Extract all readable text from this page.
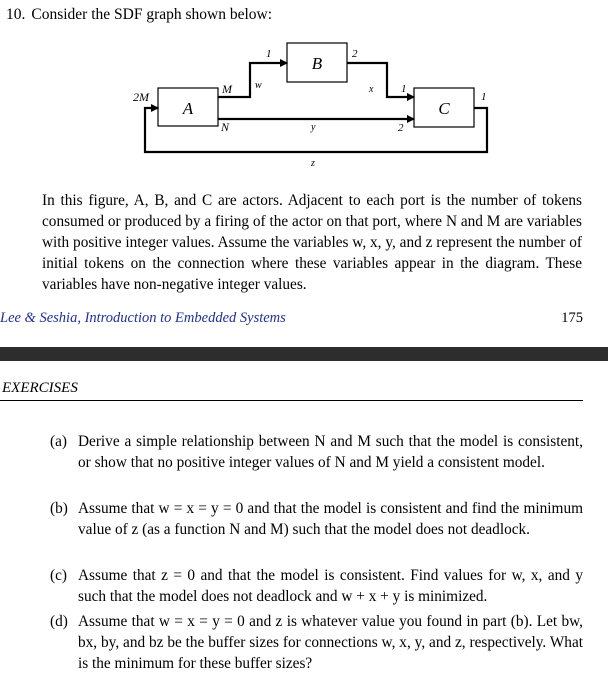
10. Consider the SDF graph shown below:
A
B
C
2M
M
N
1	2
1
2
1
w	x
y
z
In this figure, A, B, and C are actors. Adjacent to each port is the number of tokens consumed or produced by a firing of the actor on that port, where N and M are variables with positive integer values. Assume the variables w, x, y, and z represent the number of initial tokens on the connection where these variables appear in the diagram. These variables have non-negative integer values.
Lee & Seshia, Introduction to Embedded Systems	175
EXERCISES
(a) Derive a simple relationship between N and M such that the model is consistent, or show that no positive integer values of N and M yield a consistent model.
(b) Assume that w = x = y = 0 and that the model is consistent and find the minimum value of z (as a function N and M) such that the model does not deadlock.
(c) Assume that z = 0 and that the model is consistent. Find values for w, x, and y such that the model does not deadlock and w + x + y is minimized.
(d) Assume that w = x = y = 0 and z is whatever value you found in part (b). Let bw, bx, by, and bz be the buffer sizes for connections w, x, y, and z, respectively. What is the minimum for these buffer sizes?
